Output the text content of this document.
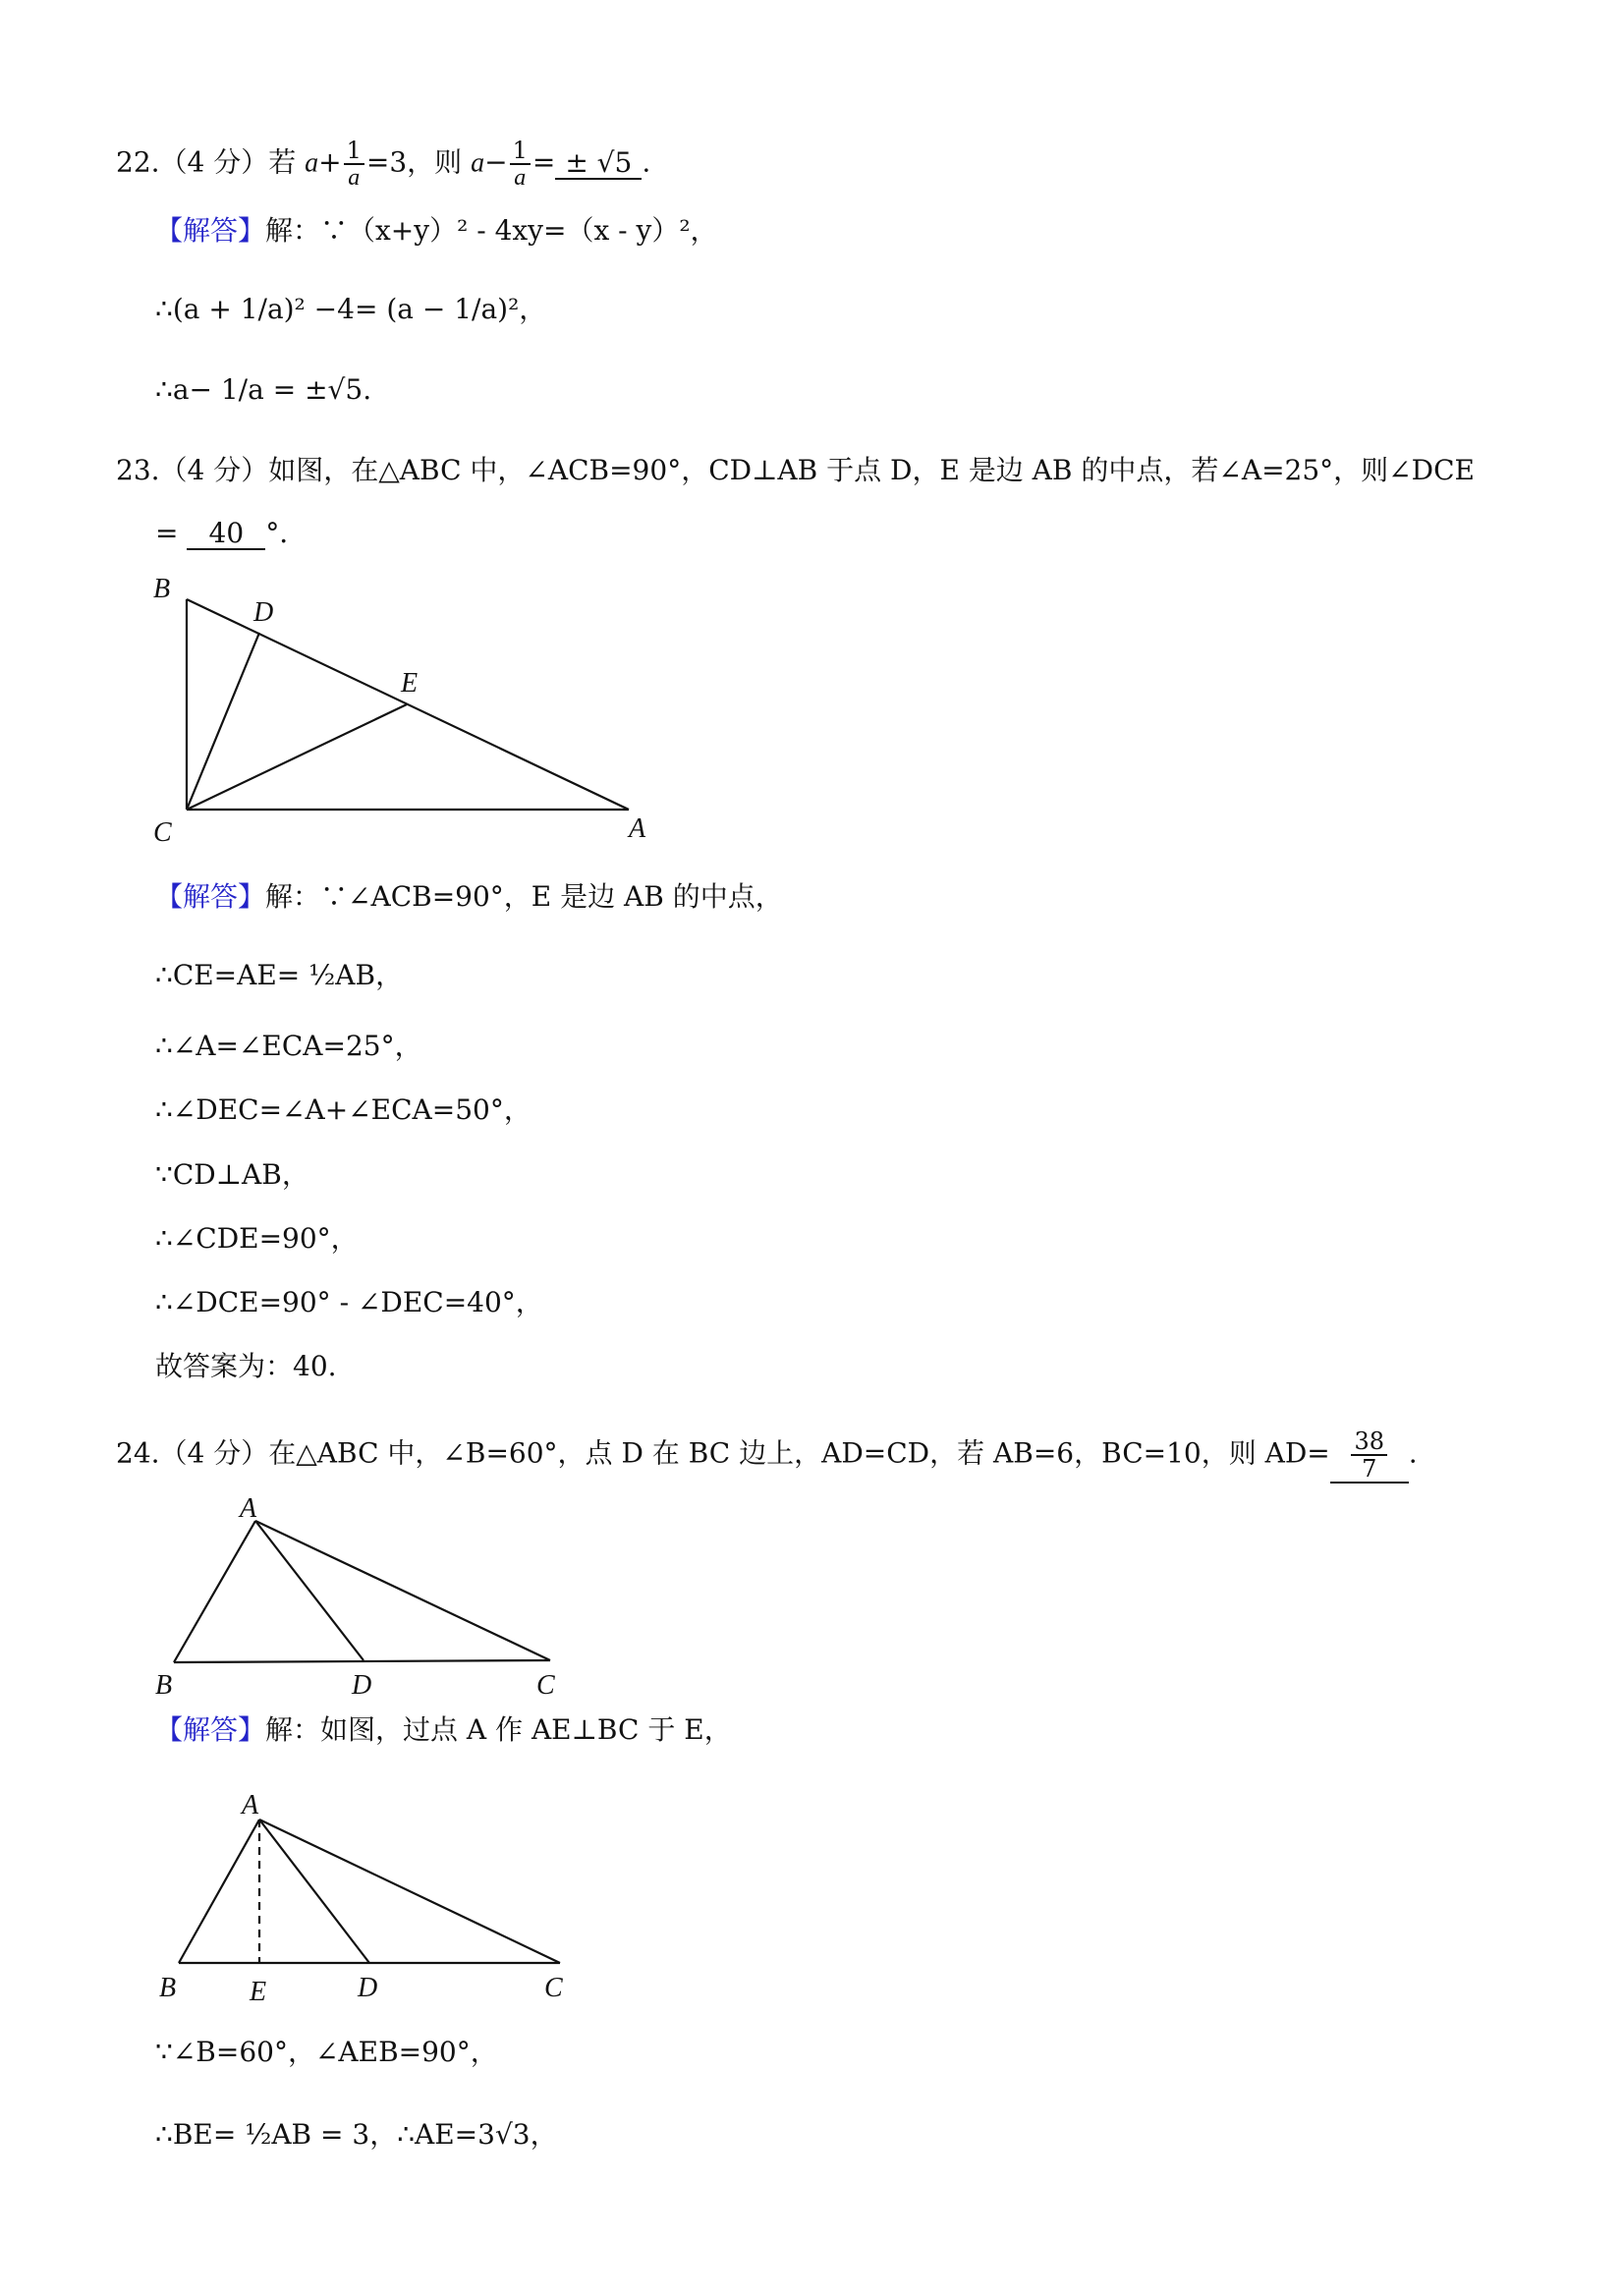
22.（4 分）若 $a+ \frac{1}{a} =3$，则 $a- \frac{1}{a}$ = ± √5 .
【解答】解：∵（x+y）² - 4xy=（x - y）²，
∴(a + 1/a)² −4= (a − 1/a)²，
∴a− 1/a = ±√5.
23.（4 分）如图，在△ABC 中，∠ACB=90°，CD⊥AB 于点 D，E 是边 AB 的中点，若∠A=25°，则∠DCE
= 40 °．
B
D
E
C	A
【解答】解：∵∠ACB=90°，E 是边 AB 的中点，
∴CE=AE= ½AB，
∴∠A=∠ECA=25°，
∴∠DEC=∠A+∠ECA=50°，
∵CD⊥AB，
∴∠CDE=90°，
∴∠DCE=90° - ∠DEC=40°，
故答案为：40.
24.（4 分）在△ABC 中，∠B=60°，点 D 在 BC 边上，AD=CD，若 AB=6，BC=10，则 $AD= \frac{38}{7}$ .
A
B	D	C
【解答】解：如图，过点 A 作 AE⊥BC 于 E，
A
B	E	D	C
∵∠B=60°，∠AEB=90°，
∴BE= ½AB = 3，∴AE=3√3，
